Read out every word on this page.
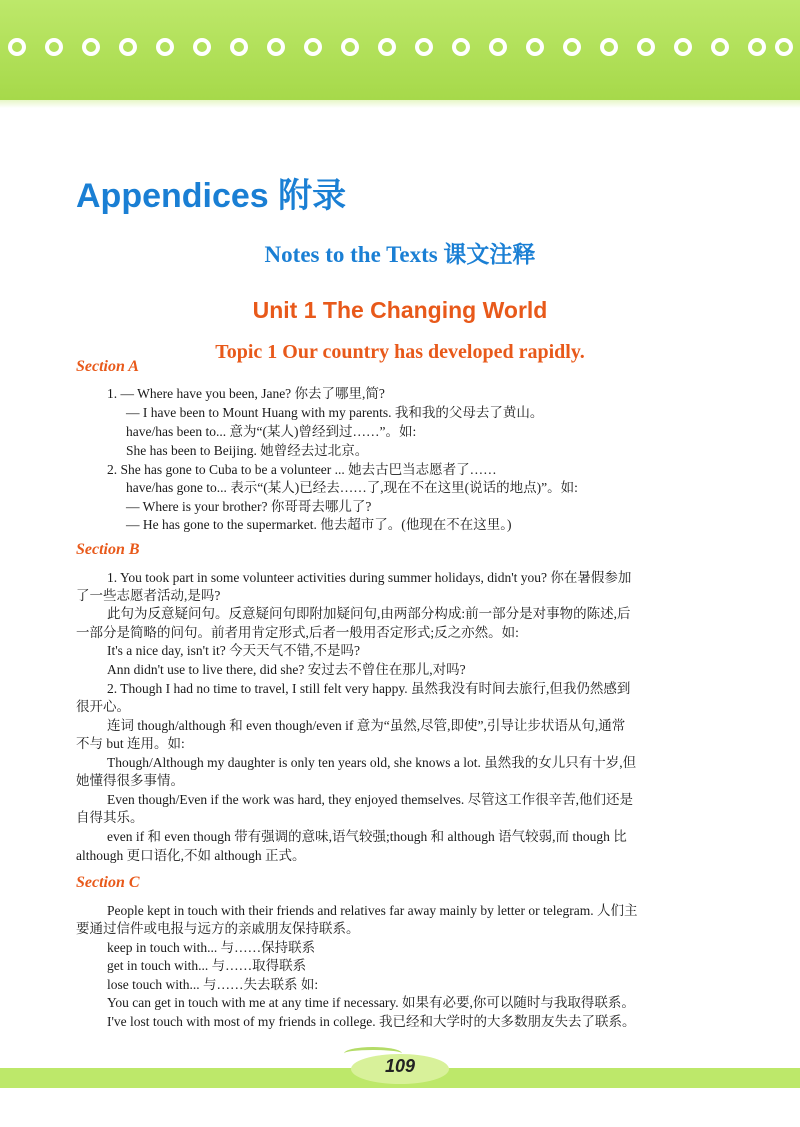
Appendices 附录
Notes to the Texts 课文注释
Unit 1 The Changing World
Topic 1 Our country has developed rapidly.
Section A
1. — Where have you been, Jane? 你去了哪里,简?
— I have been to Mount Huang with my parents. 我和我的父母去了黄山。
have/has been to... 意为“(某人)曾经到过……”。如:
She has been to Beijing. 她曾经去过北京。
2. She has gone to Cuba to be a volunteer ... 她去古巴当志愿者了……
have/has gone to... 表示“(某人)已经去……了,现在不在这里(说话的地点)”。如:
— Where is your brother? 你哥哥去哪儿了?
— He has gone to the supermarket. 他去超市了。(他现在不在这里。)
Section B
1. You took part in some volunteer activities during summer holidays, didn't you? 你在暑假参加
了一些志愿者活动,是吗?
此句为反意疑问句。反意疑问句即附加疑问句,由两部分构成:前一部分是对事物的陈述,后
一部分是简略的问句。前者用肯定形式,后者一般用否定形式;反之亦然。如:
It's a nice day, isn't it? 今天天气不错,不是吗?
Ann didn't use to live there, did she? 安过去不曾住在那儿,对吗?
2. Though I had no time to travel, I still felt very happy. 虽然我没有时间去旅行,但我仍然感到
很开心。
连词 though/although 和 even though/even if 意为“虽然,尽管,即使”,引导让步状语从句,通常
不与 but 连用。如:
Though/Although my daughter is only ten years old, she knows a lot. 虽然我的女儿只有十岁,但
她懂得很多事情。
Even though/Even if the work was hard, they enjoyed themselves. 尽管这工作很辛苦,他们还是
自得其乐。
even if 和 even though 带有强调的意味,语气较强;though 和 although 语气较弱,而 though 比
although 更口语化,不如 although 正式。
Section C
People kept in touch with their friends and relatives far away mainly by letter or telegram. 人们主
要通过信件或电报与远方的亲戚朋友保持联系。
keep in touch with... 与……保持联系
get in touch with... 与……取得联系
lose touch with... 与……失去联系 如:
You can get in touch with me at any time if necessary. 如果有必要,你可以随时与我取得联系。
I've lost touch with most of my friends in college. 我已经和大学时的大多数朋友失去了联系。
109
